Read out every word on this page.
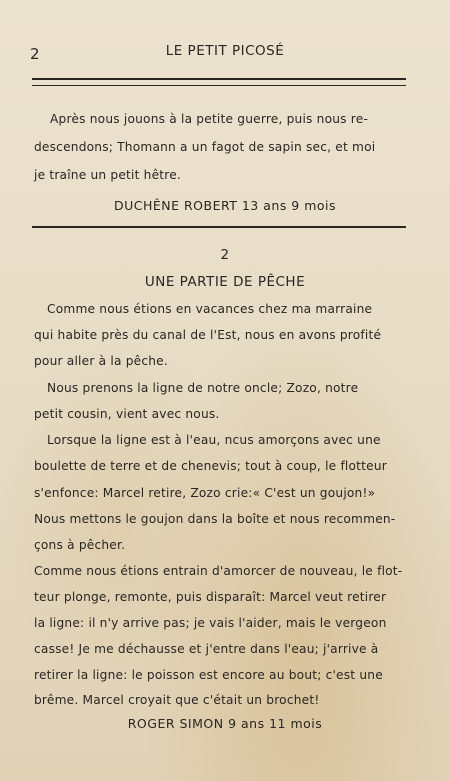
2	LE PETIT PICOSÉ
Après nous jouons à la petite guerre, puis nous re-
descendons; Thomann a un fagot de sapin sec, et moi
je traîne un petit hêtre.
DUCHÊNE ROBERT 13 ans 9 mois
2
UNE PARTIE DE PÊCHE
Comme nous étions en vacances chez ma marraine
qui habite près du canal de l'Est, nous en avons profité
pour aller à la pêche.
Nous prenons la ligne de notre oncle; Zozo, notre
petit cousin, vient avec nous.
Lorsque la ligne est à l'eau, ncus amorçons avec une
boulette de terre et de chenevis; tout à coup, le flotteur
s'enfonce: Marcel retire, Zozo crie:« C'est un goujon!»
Nous mettons le goujon dans la boîte et nous recommen-
çons à pêcher.
Comme nous étions entrain d'amorcer de nouveau, le flot-
teur plonge, remonte, puis disparaît: Marcel veut retirer
la ligne: il n'y arrive pas; je vais l'aider, mais le vergeon
casse! Je me déchausse et j'entre dans l'eau; j'arrive à
retirer la ligne: le poisson est encore au bout; c'est une
brême. Marcel croyait que c'était un brochet!
ROGER SIMON 9 ans 11 mois
